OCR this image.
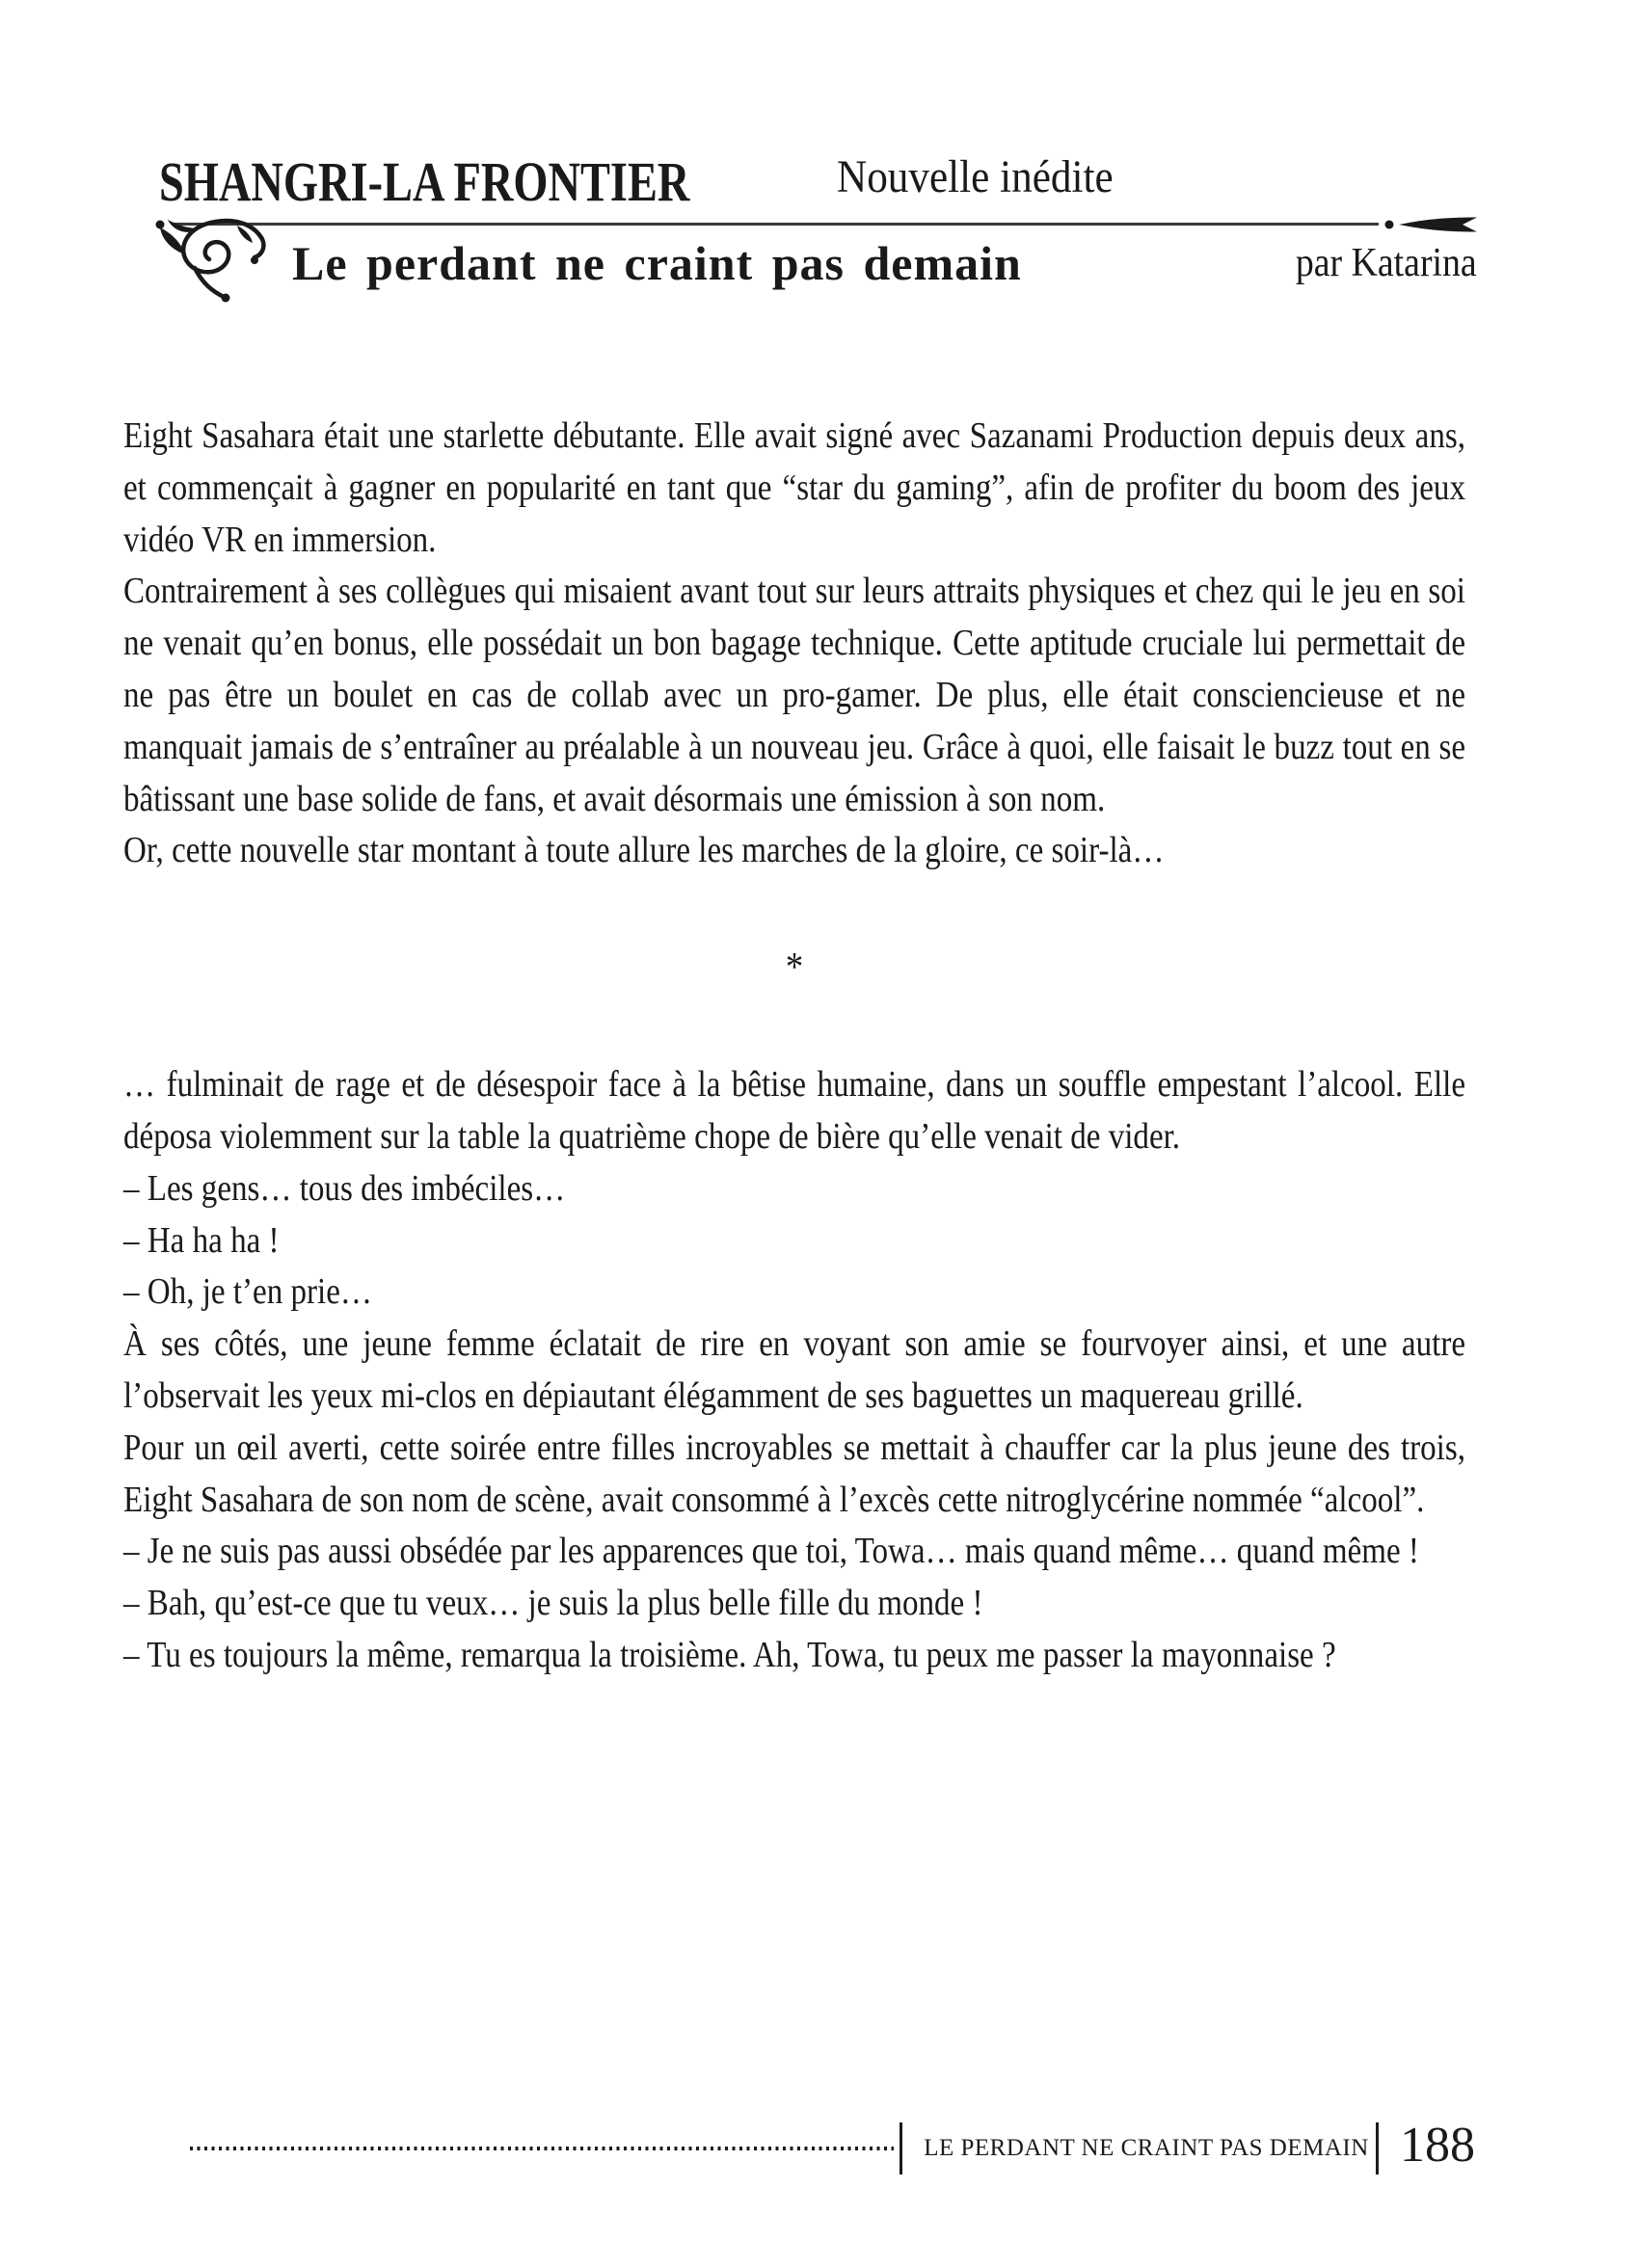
SHANGRI-LA FRONTIER	Nouvelle inédite
Le perdant ne craint pas demain	par Katarina
Eight Sasahara était une starlette débutante. Elle avait signé avec Sazanami Production depuis deux ans, et commençait à gagner en popularité en tant que “star du gaming”, afin de profiter du boom des jeux vidéo VR en immersion.
Contrairement à ses collègues qui misaient avant tout sur leurs attraits physiques et chez qui le jeu en soi ne venait qu’en bonus, elle possédait un bon bagage technique. Cette aptitude cruciale lui permettait de ne pas être un boulet en cas de collab avec un pro-gamer. De plus, elle était consciencieuse et ne manquait jamais de s’entraîner au préalable à un nouveau jeu. Grâce à quoi, elle faisait le buzz tout en se bâtissant une base solide de fans, et avait désormais une émission à son nom.
Or, cette nouvelle star montant à toute allure les marches de la gloire, ce soir-là…
*
… fulminait de rage et de désespoir face à la bêtise humaine, dans un souffle empestant l’alcool. Elle déposa violemment sur la table la quatrième chope de bière qu’elle venait de vider.
– Les gens… tous des imbéciles…
– Ha ha ha !
– Oh, je t’en prie…
À ses côtés, une jeune femme éclatait de rire en voyant son amie se fourvoyer ainsi, et une autre l’observait les yeux mi-clos en dépiautant élégamment de ses baguettes un maquereau grillé.
Pour un œil averti, cette soirée entre filles incroyables se mettait à chauffer car la plus jeune des trois, Eight Sasahara de son nom de scène, avait consommé à l’excès cette nitroglycérine nommée “alcool”.
– Je ne suis pas aussi obsédée par les apparences que toi, Towa… mais quand même… quand même !
– Bah, qu’est-ce que tu veux… je suis la plus belle fille du monde !
– Tu es toujours la même, remarqua la troisième. Ah, Towa, tu peux me passer la mayonnaise ?
LE PERDANT NE CRAINT PAS DEMAIN 188
